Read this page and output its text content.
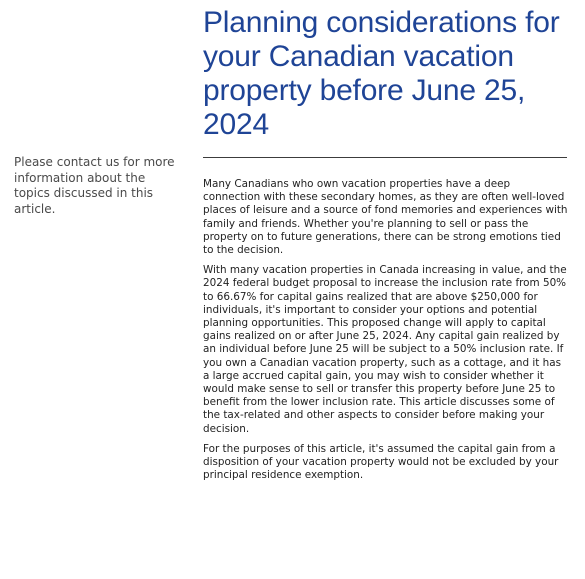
Planning considerations for your Canadian vacation property before June 25, 2024
Please contact us for more information about the topics discussed in this article.

Many Canadians who own vacation properties have a deep connection with these secondary homes, as they are often well-loved places of leisure and a source of fond memories and experiences with family and friends. Whether you're planning to sell or pass the property on to future generations, there can be strong emotions tied to the decision.

With many vacation properties in Canada increasing in value, and the 2024 federal budget proposal to increase the inclusion rate from 50% to 66.67% for capital gains realized that are above $250,000 for individuals, it's important to consider your options and potential planning opportunities. This proposed change will apply to capital gains realized on or after June 25, 2024. Any capital gain realized by an individual before June 25 will be subject to a 50% inclusion rate. If you own a Canadian vacation property, such as a cottage, and it has a large accrued capital gain, you may wish to consider whether it would make sense to sell or transfer this property before June 25 to benefit from the lower inclusion rate. This article discusses some of the tax-related and other aspects to consider before making your decision.

For the purposes of this article, it's assumed the capital gain from a disposition of your vacation property would not be excluded by your principal residence exemption.
